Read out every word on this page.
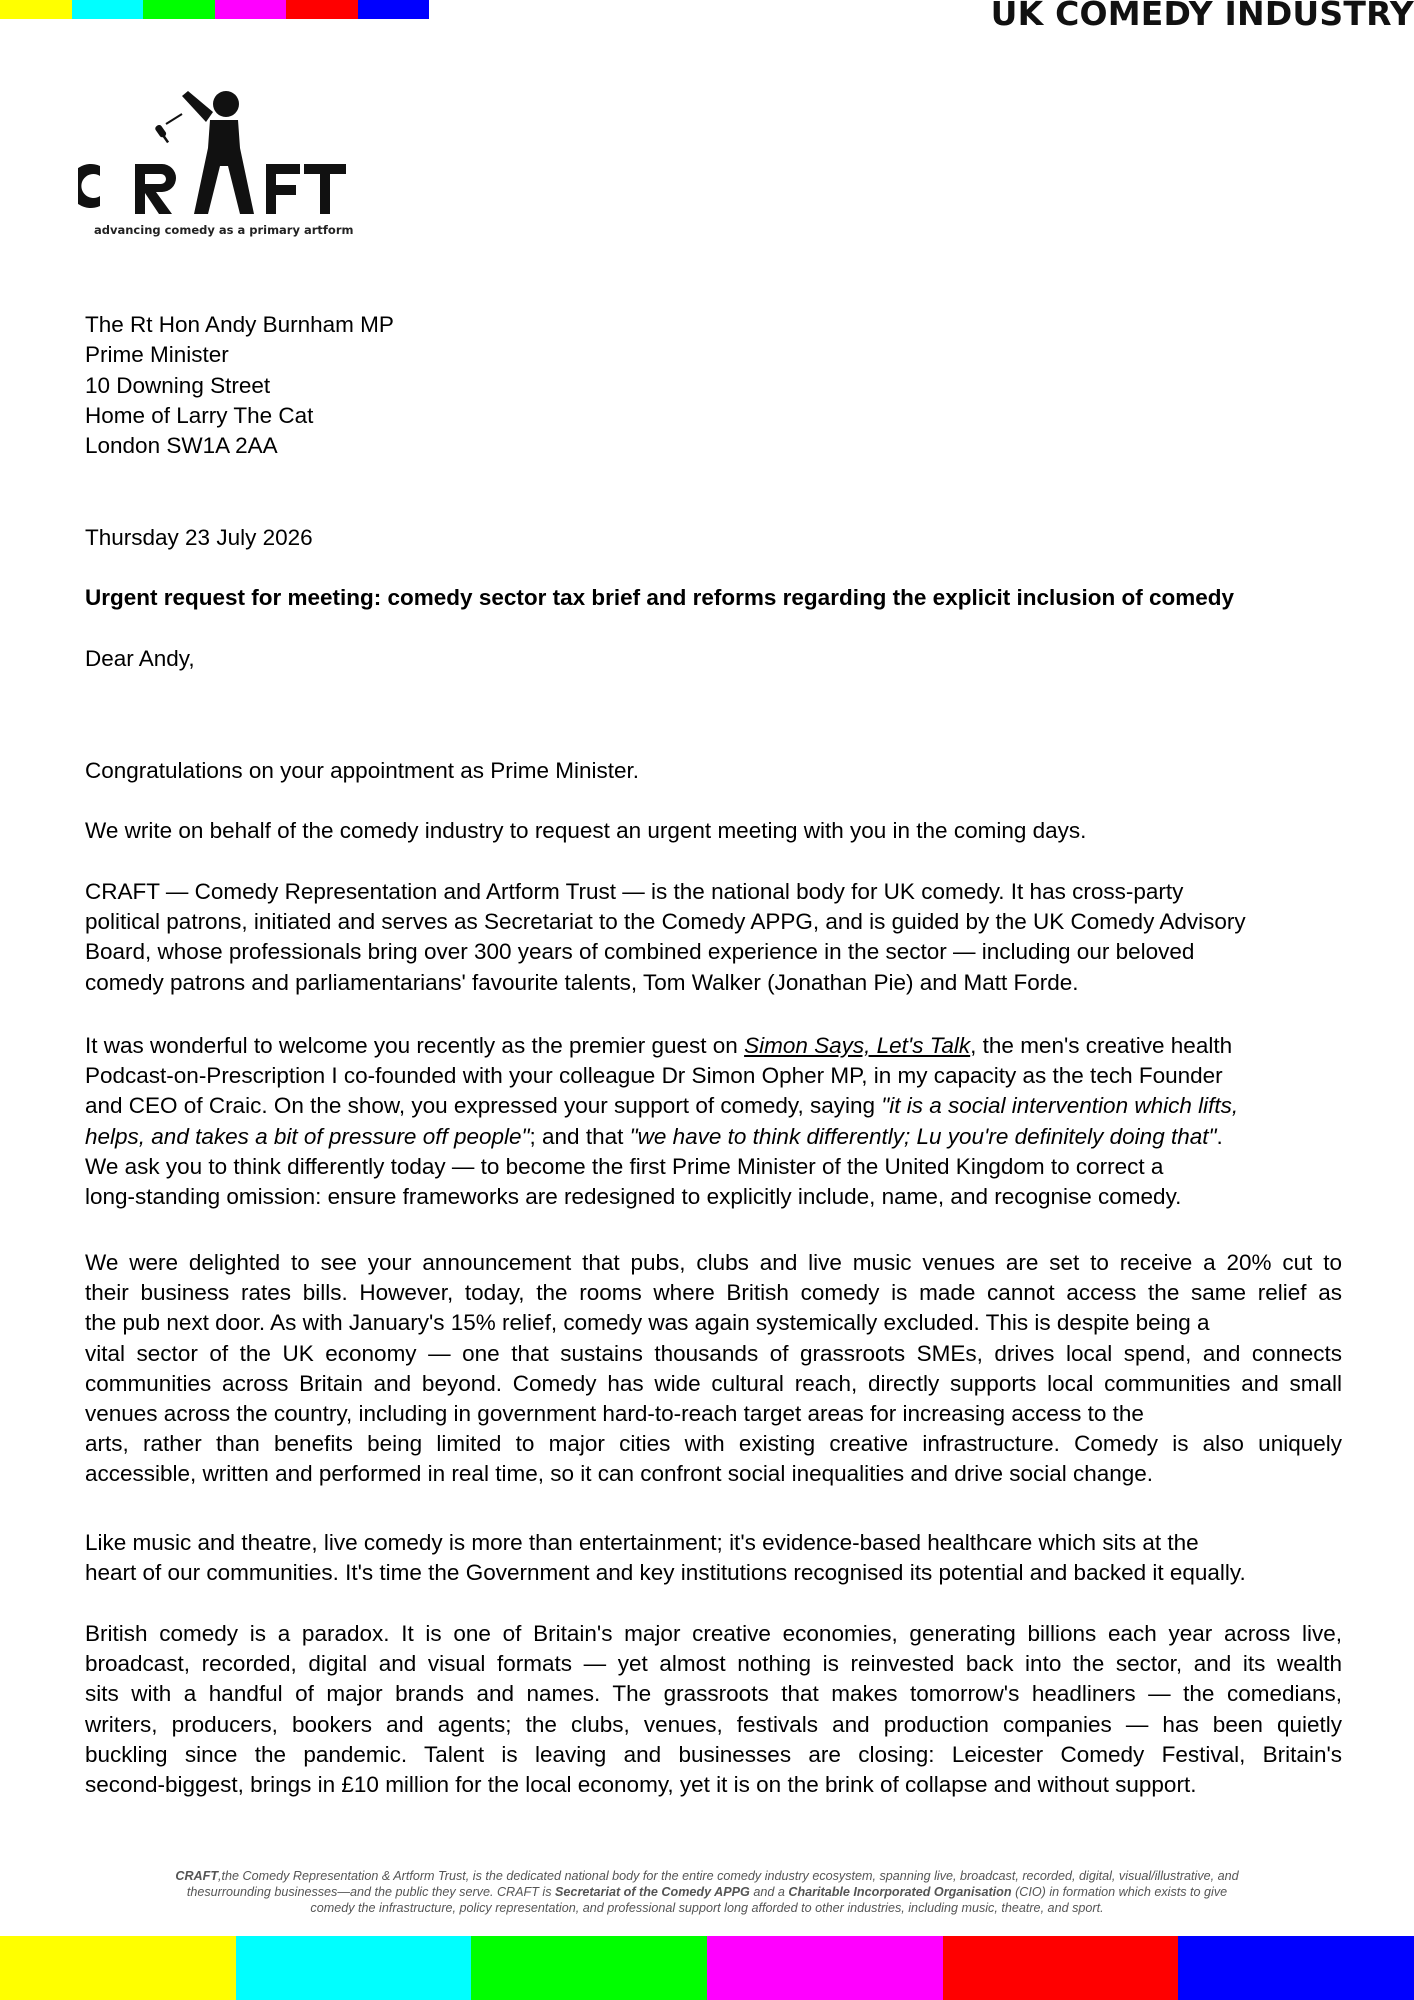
UK COMEDY INDUSTRY
advancing comedy as a primary artform
The Rt Hon Andy Burnham MP
Prime Minister
10 Downing Street
Home of Larry The Cat
London SW1A 2AA
Thursday 23 July 2026
Urgent request for meeting: comedy sector tax brief and reforms regarding the explicit inclusion of comedy
Dear Andy,
Congratulations on your appointment as Prime Minister.
We write on behalf of the comedy industry to request an urgent meeting with you in the coming days.
CRAFT — Comedy Representation and Artform Trust — is the national body for UK comedy. It has cross-party
political patrons, initiated and serves as Secretariat to the Comedy APPG, and is guided by the UK Comedy Advisory
Board, whose professionals bring over 300 years of combined experience in the sector — including our beloved
comedy patrons and parliamentarians' favourite talents, Tom Walker (Jonathan Pie) and Matt Forde.
It was wonderful to welcome you recently as the premier guest on Simon Says, Let's Talk, the men's creative health
Podcast-on-Prescription I co-founded with your colleague Dr Simon Opher MP, in my capacity as the tech Founder
and CEO of Craic. On the show, you expressed your support of comedy, saying "it is a social intervention which lifts,
helps, and takes a bit of pressure off people"; and that "we have to think differently; Lu you're definitely doing that".
We ask you to think differently today — to become the first Prime Minister of the United Kingdom to correct a
long-standing omission: ensure frameworks are redesigned to explicitly include, name, and recognise comedy.
We were delighted to see your announcement that pubs, clubs and live music venues are set to receive a 20% cut to
their business rates bills. However, today, the rooms where British comedy is made cannot access the same relief as
the pub next door. As with January's 15% relief, comedy was again systemically excluded. This is despite being a
vital sector of the UK economy — one that sustains thousands of grassroots SMEs, drives local spend, and connects
communities across Britain and beyond. Comedy has wide cultural reach, directly supports local communities and small
venues across the country, including in government hard-to-reach target areas for increasing access to the
arts, rather than benefits being limited to major cities with existing creative infrastructure. Comedy is also uniquely
accessible, written and performed in real time, so it can confront social inequalities and drive social change.
Like music and theatre, live comedy is more than entertainment; it's evidence-based healthcare which sits at the
heart of our communities. It's time the Government and key institutions recognised its potential and backed it equally.
British comedy is a paradox. It is one of Britain's major creative economies, generating billions each year across live,
broadcast, recorded, digital and visual formats — yet almost nothing is reinvested back into the sector, and its wealth
sits with a handful of major brands and names. The grassroots that makes tomorrow's headliners — the comedians,
writers, producers, bookers and agents; the clubs, venues, festivals and production companies — has been quietly
buckling since the pandemic. Talent is leaving and businesses are closing: Leicester Comedy Festival, Britain's
second-biggest, brings in £10 million for the local economy, yet it is on the brink of collapse and without support.
CRAFT,the Comedy Representation & Artform Trust, is the dedicated national body for the entire comedy industry ecosystem, spanning live, broadcast, recorded, digital, visual/illustrative, and
thesurrounding businesses—and the public they serve. CRAFT is Secretariat of the Comedy APPG and a Charitable Incorporated Organisation (CIO) in formation which exists to give
comedy the infrastructure, policy representation, and professional support long afforded to other industries, including music, theatre, and sport.
